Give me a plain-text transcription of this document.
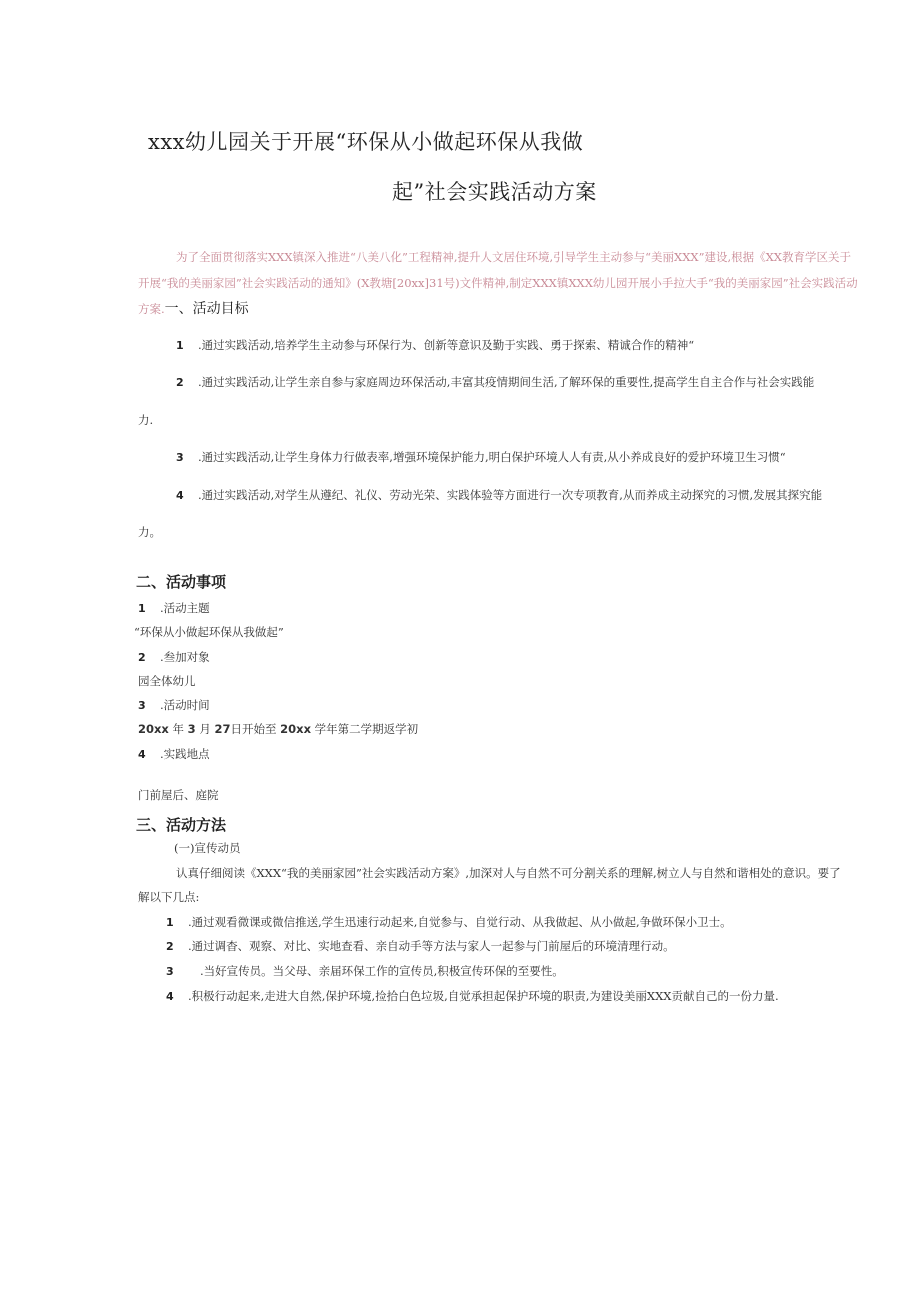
xxx幼儿园关于开展“环保从小做起环保从我做
起”社会实践活动方案
为了全面贯彻落实XXX镇深入推进“八美八化”工程精神,提升人文居住环境,引导学生主动参与“美丽XXX”建设,根据《XX教育学区关于开展“我的美丽家园”社会实践活动的通知》(X教塘[20xx]31号)文件精神,制定XXX镇XXX幼儿园开展小手拉大手“我的美丽家园”社会实践活动方案.一、活动目标
1 .通过实践活动,培养学生主动参与环保行为、创新等意识及勤于实践、勇于探索、精诚合作的精神“
2 .通过实践活动,让学生亲自参与家庭周边环保活动,丰富其疫情期间生活,了解环保的重要性,提高学生自主合作与社会实践能
力.
3 .通过实践活动,让学生身体力行做表率,增强环境保护能力,明白保护环境人人有责,从小养成良好的爱护环境卫生习惯“
4 .通过实践活动,对学生从遵纪、礼仪、劳动光荣、实践体验等方面进行一次专项教育,从而养成主动探究的习惯,发展其探究能
力。
二、活动事项
1 .活动主题
“环保从小做起环保从我做起”
2 .叁加对象
园全体幼儿
3 .活动时间
20xx 年 3 月 27日开始至 20xx 学年第二学期返学初
4 .实践地点
门前屋后、庭院
三、活动方法
(一)宣传动员
认真仔细阅读《XXX“我的美丽家园”社会实践活动方案》,加深对人与自然不可分割关系的理解,树立人与自然和谐相处的意识。要了
解以下几点:
1 .通过观看微课或微信推送,学生迅速行动起来,自觉参与、自觉行动、从我做起、从小做起,争做环保小卫士。
2 .通过调杳、观察、对比、实地查看、亲自动手等方法与家人一起参与门前屋后的环境清理行动。
3 .当好宣传员。当父母、亲届环保工作的宣传员,积极宣传环保的至要性。
4 .积极行动起来,走进大自然,保护环境,捡拾白色垃圾,自觉承担起保护环境的职责,为建设美丽XXX贡献自己的一份力量.
